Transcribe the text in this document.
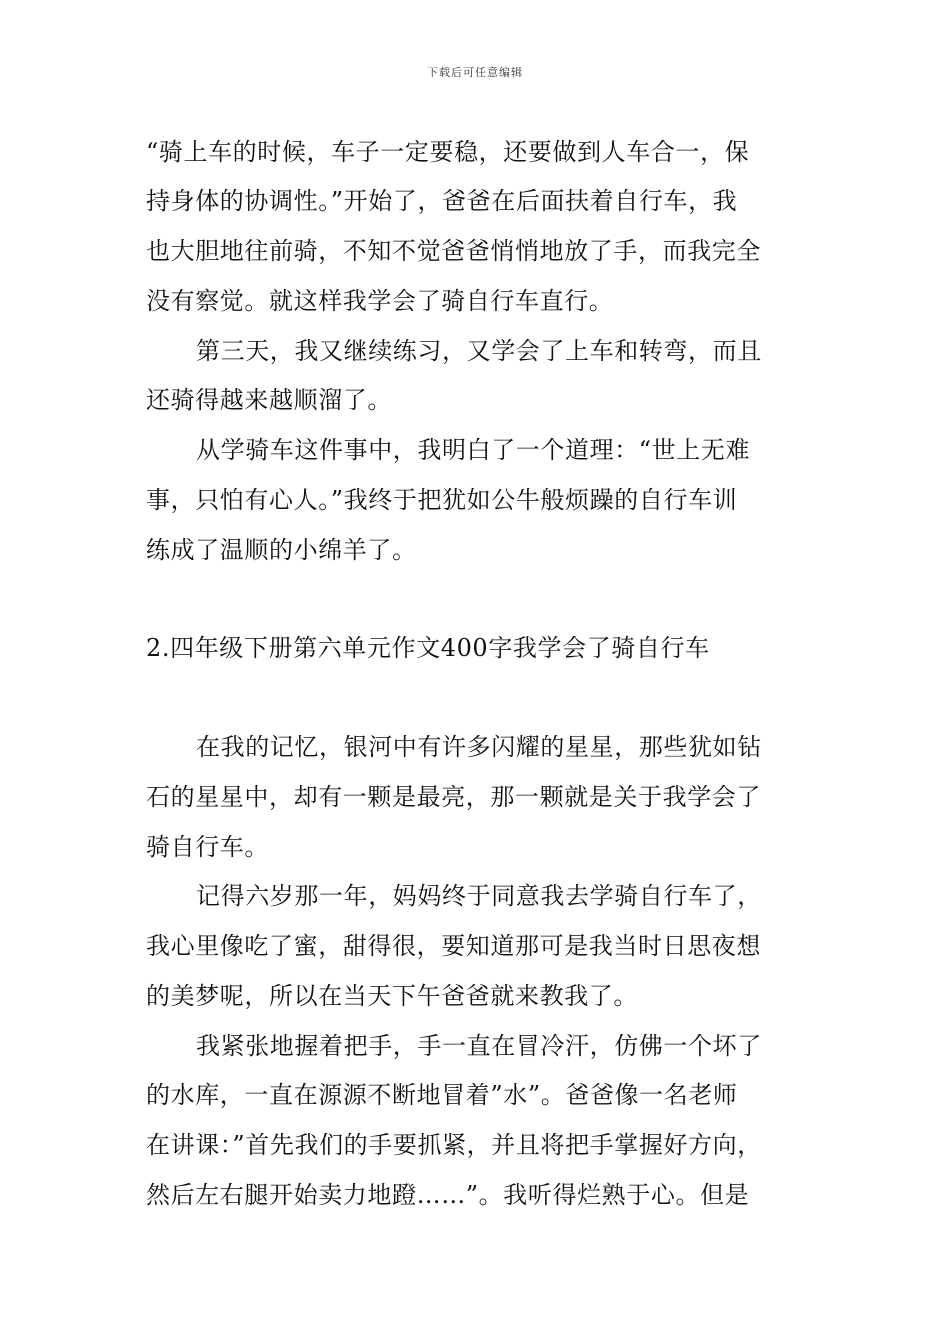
下载后可任意编辑
“骑上车的时候，车子一定要稳，还要做到人车合一，保
持身体的协调性。”开始了，爸爸在后面扶着自行车，我
也大胆地往前骑，不知不觉爸爸悄悄地放了手，而我完全
没有察觉。就这样我学会了骑自行车直行。
第三天，我又继续练习，又学会了上车和转弯，而且
还骑得越来越顺溜了。
从学骑车这件事中，我明白了一个道理：“世上无难
事，只怕有心人。”我终于把犹如公牛般烦躁的自行车训
练成了温顺的小绵羊了。
2.四年级下册第六单元作文400字我学会了骑自行车
在我的记忆，银河中有许多闪耀的星星，那些犹如钻
石的星星中，却有一颗是最亮，那一颗就是关于我学会了
骑自行车。
记得六岁那一年，妈妈终于同意我去学骑自行车了，
我心里像吃了蜜，甜得很，要知道那可是我当时日思夜想
的美梦呢，所以在当天下午爸爸就来教我了。
我紧张地握着把手，手一直在冒冷汗，仿佛一个坏了
的水库，一直在源源不断地冒着”水”。爸爸像一名老师
在讲课：”首先我们的手要抓紧，并且将把手掌握好方向，
然后左右腿开始卖力地蹬……”。我听得烂熟于心。但是
